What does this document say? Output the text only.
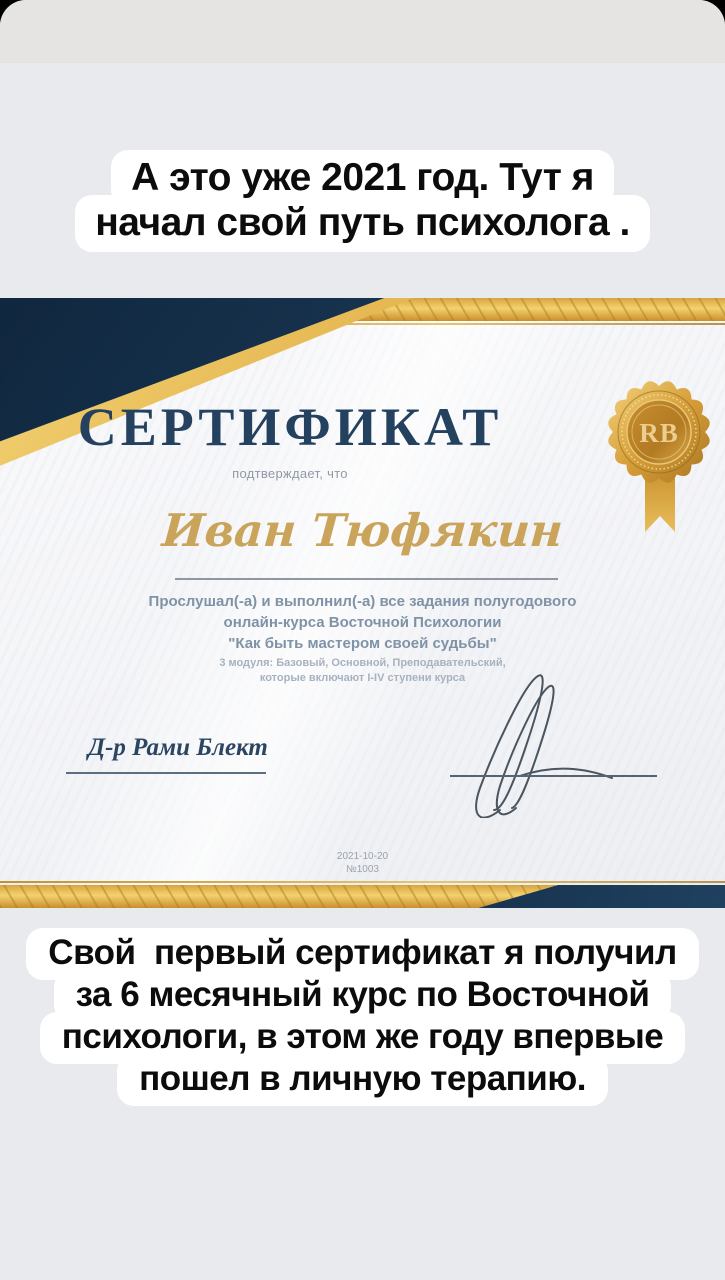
А это уже 2021 год. Тут я
начал свой путь психолога .
СЕРТИФИКАТ
подтверждает, что
Иван Тюфякин
Прослушал(-а) и выполнил(-а) все задания полугодового
онлайн-курса Восточной Психологии
"Как быть мастером своей судьбы"
3 модуля: Базовый, Основной, Преподавательский,
которые включают I-IV ступени курса
Д-р Рами Блект
2021-10-20
№1003
RB
Свой  первый сертификат я получил
за 6 месячный курс по Восточной
психологи, в этом же году впервые
пошел в личную терапию.
